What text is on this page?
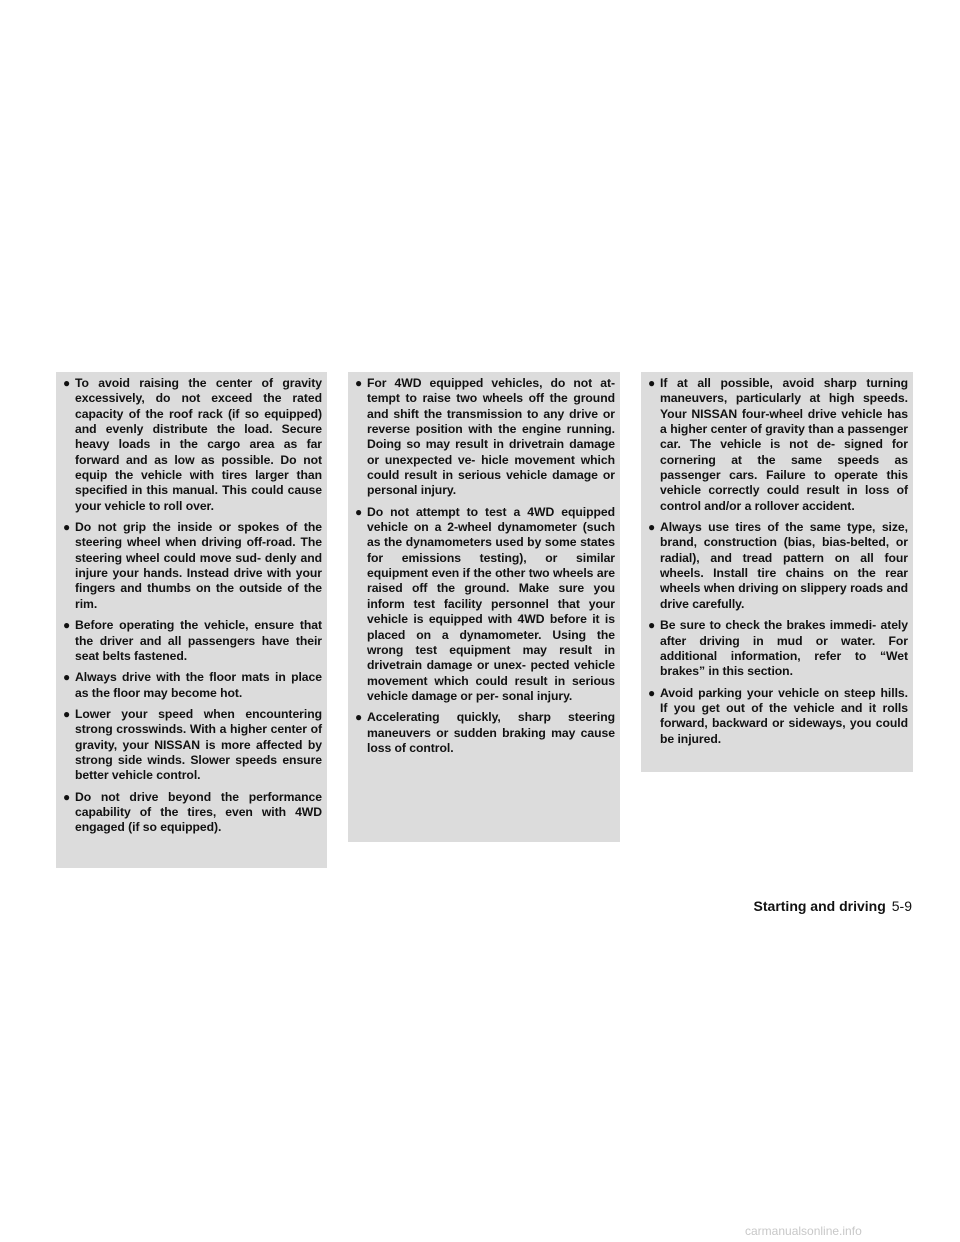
● To avoid raising the center of gravity excessively, do not exceed the rated capacity of the roof rack (if so equipped) and evenly distribute the load. Secure heavy loads in the cargo area as far forward and as low as possible. Do not equip the vehicle with tires larger than specified in this manual. This could cause your vehicle to roll over.
● Do not grip the inside or spokes of the steering wheel when driving off-road. The steering wheel could move sud- denly and injure your hands. Instead drive with your fingers and thumbs on the outside of the rim.
● Before operating the vehicle, ensure that the driver and all passengers have their seat belts fastened.
● Always drive with the floor mats in place as the floor may become hot.
● Lower your speed when encountering strong crosswinds. With a higher center of gravity, your NISSAN is more affected by strong side winds. Slower speeds ensure better vehicle control.
● Do not drive beyond the performance capability of the tires, even with 4WD engaged (if so equipped).
● For 4WD equipped vehicles, do not at- tempt to raise two wheels off the ground and shift the transmission to any drive or reverse position with the engine running. Doing so may result in drivetrain damage or unexpected ve- hicle movement which could result in serious vehicle damage or personal injury.
● Do not attempt to test a 4WD equipped vehicle on a 2-wheel dynamometer (such as the dynamometers used by some states for emissions testing), or similar equipment even if the other two wheels are raised off the ground. Make sure you inform test facility personnel that your vehicle is equipped with 4WD before it is placed on a dynamometer. Using the wrong test equipment may result in drivetrain damage or unex- pected vehicle movement which could result in serious vehicle damage or per- sonal injury.
● Accelerating quickly, sharp steering maneuvers or sudden braking may cause loss of control.
● If at all possible, avoid sharp turning maneuvers, particularly at high speeds. Your NISSAN four-wheel drive vehicle has a higher center of gravity than a passenger car. The vehicle is not de- signed for cornering at the same speeds as passenger cars. Failure to operate this vehicle correctly could result in loss of control and/or a rollover accident.
● Always use tires of the same type, size, brand, construction (bias, bias-belted, or radial), and tread pattern on all four wheels. Install tire chains on the rear wheels when driving on slippery roads and drive carefully.
● Be sure to check the brakes immedi- ately after driving in mud or water. For additional information, refer to “Wet brakes” in this section.
● Avoid parking your vehicle on steep hills. If you get out of the vehicle and it rolls forward, backward or sideways, you could be injured.
Starting and driving 5-9
carmanualsonline.info
